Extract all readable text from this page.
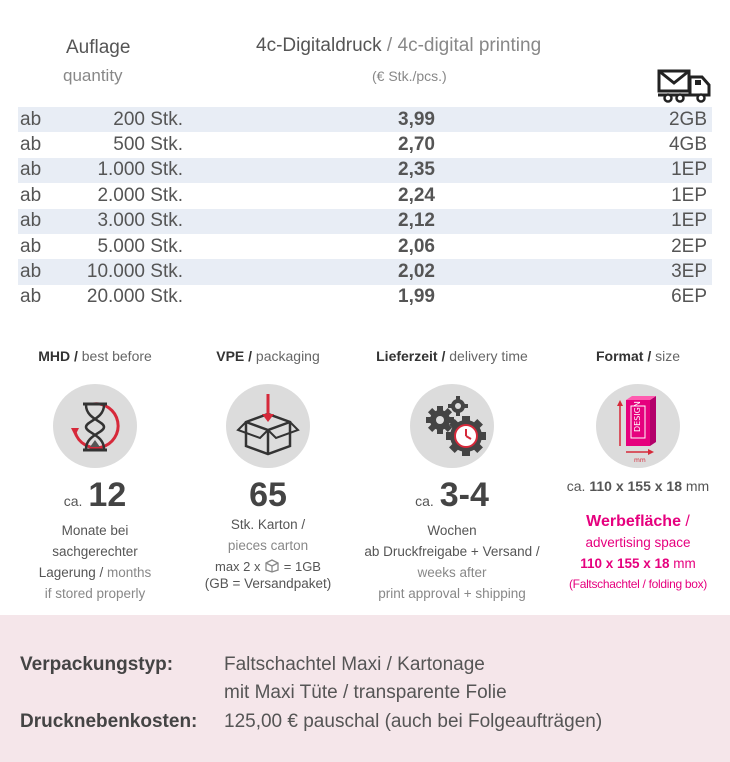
Auflage
quantity
4c-Digitaldruck / 4c-digital printing
(€ Stk./pcs.)
ab	200 Stk.	3,99	2GB
ab	500 Stk.	2,70	4GB
ab	1.000 Stk.	2,35	1EP
ab	2.000 Stk.	2,24	1EP
ab	3.000 Stk.	2,12	1EP
ab	5.000 Stk.	2,06	2EP
ab 10.000 Stk.	2,02	3EP
ab 20.000 Stk.	1,99	6EP
MHD / best before
ca. 12
Monate bei
sachgerechter
Lagerung / months
if stored properly
VPE / packaging
65
Stk. Karton /
pieces carton
max 2 x = 1GB
(GB = Versandpaket)
Lieferzeit / delivery time
ca. 3-4
Wochen
ab Druckfreigabe + Versand /
weeks after
print approval + shipping
Format / size
DESIGN
mm
ca. 110 x 155 x 18 mm
Werbefläche /
advertising space
110 x 155 x 18 mm
(Faltschachtel / folding box)
Verpackungstyp:	Faltschachtel Maxi / Kartonage
mit Maxi Tüte / transparente Folie
Drucknebenkosten: 125,00 € pauschal (auch bei Folgeaufträgen)
